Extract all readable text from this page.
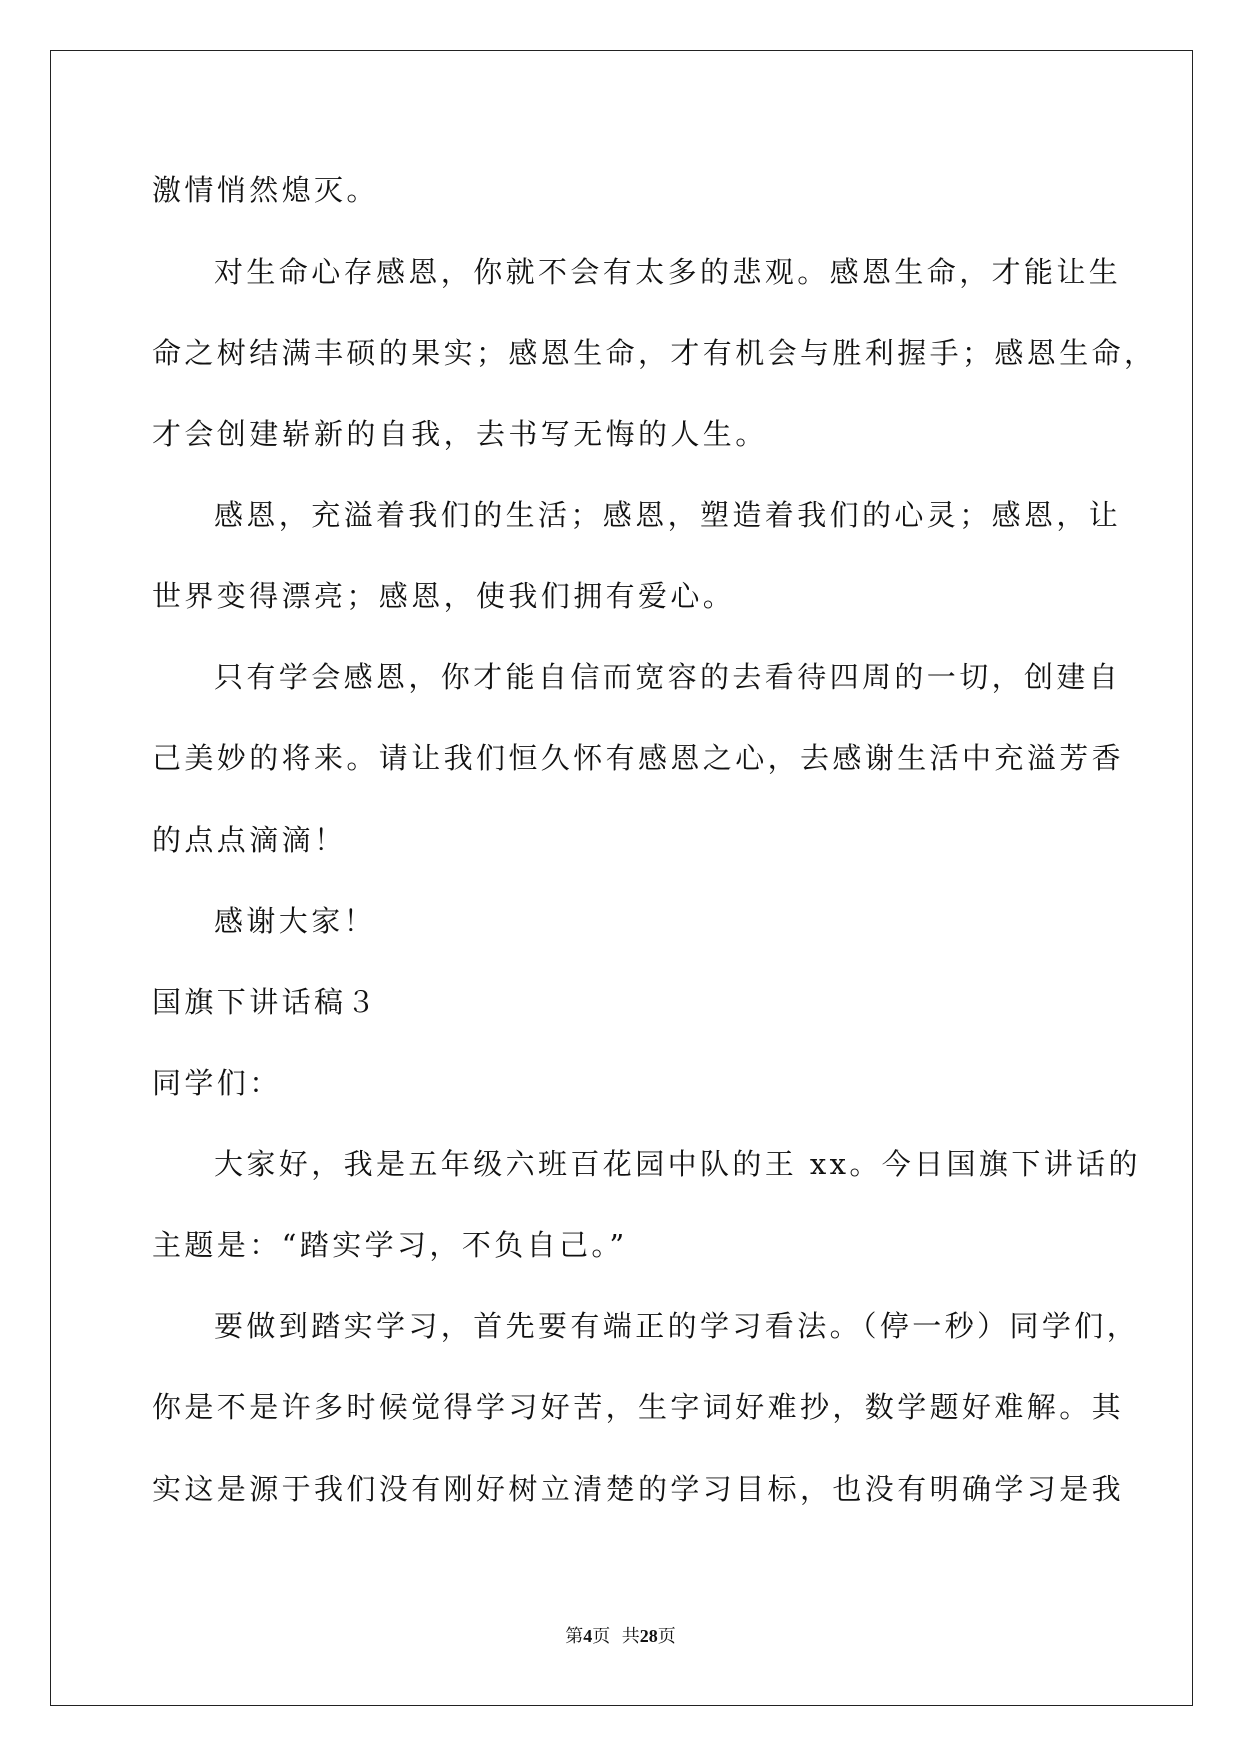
激情悄然熄灭。

对生命心存感恩，你就不会有太多的悲观。感恩生命，才能让生

命之树结满丰硕的果实；感恩生命，才有机会与胜利握手；感恩生命，

才会创建崭新的自我，去书写无悔的人生。

感恩，充溢着我们的生活；感恩，塑造着我们的心灵；感恩，让

世界变得漂亮；感恩，使我们拥有爱心。

只有学会感恩，你才能自信而宽容的去看待四周的一切，创建自

己美妙的将来。请让我们恒久怀有感恩之心，去感谢生活中充溢芳香

的点点滴滴！

感谢大家！

国旗下讲话稿３

同学们：

大家好，我是五年级六班百花园中队的王 xx。今日国旗下讲话的

主题是：“踏实学习，不负自己。”

要做到踏实学习，首先要有端正的学习看法。（停一秒）同学们，

你是不是许多时候觉得学习好苦，生字词好难抄，数学题好难解。其

实这是源于我们没有刚好树立清楚的学习目标，也没有明确学习是我

第4页  共28页
